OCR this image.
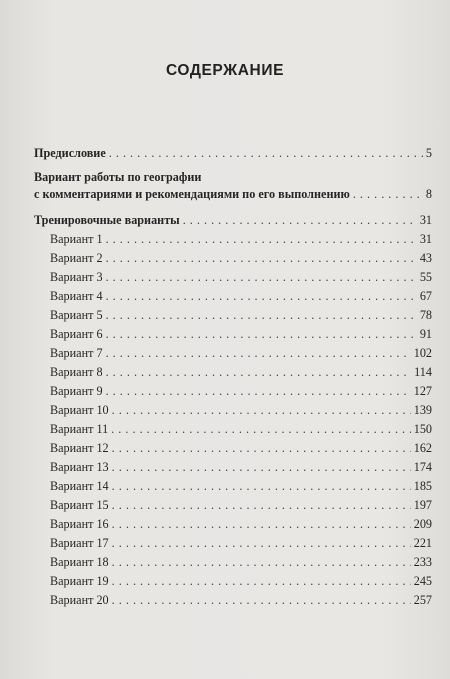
СОДЕРЖАНИЕ
Предисловие . . .	5
Вариант работы по географии
с комментариями и рекомендациями по его выполнению . . .	8
Тренировочные варианты . . .	31
Вариант 1 . . .	31
Вариант 2 . . .	43
Вариант 3 . . .	55
Вариант 4 . . .	67
Вариант 5 . . .	78
Вариант 6 . . .	91
Вариант 7 . . .	102
Вариант 8 . . .	114
Вариант 9 . . .	127
Вариант 10 . . .	139
Вариант 11 . . .	150
Вариант 12 . . .	162
Вариант 13 . . .	174
Вариант 14 . . .	185
Вариант 15 . . .	197
Вариант 16 . . .	209
Вариант 17 . . .	221
Вариант 18 . . .	233
Вариант 19 . . .	245
Вариант 20 . . .	257
